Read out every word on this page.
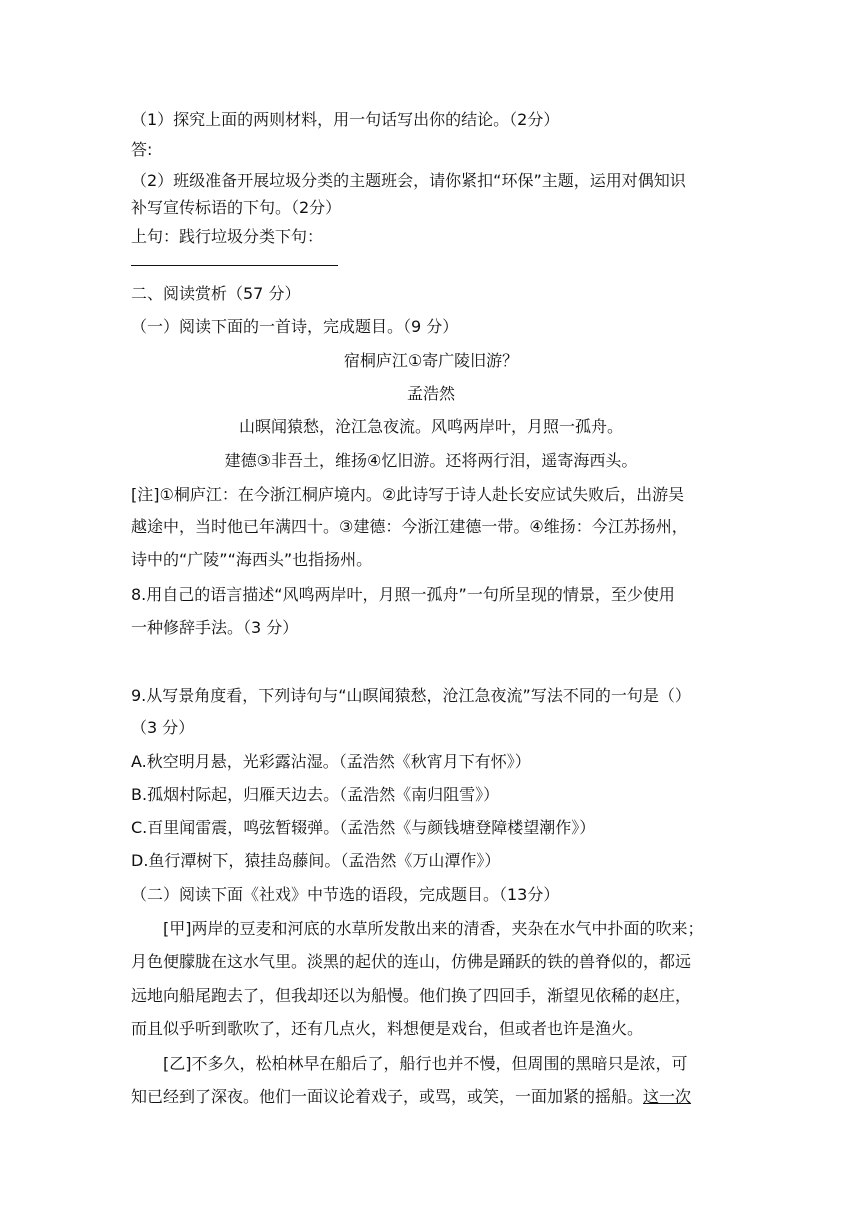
（1）探究上面的两则材料，用一句话写出你的结论。（2分）
答:
（2）班级准备开展垃圾分类的主题班会，请你紧扣“环保”主题，运用对偶知识
补写宣传标语的下句。（2分）
上句：践行垃圾分类下句：
二、阅读赏析（57 分）
（一）阅读下面的一首诗，完成题目。（9 分）
宿桐庐江①寄广陵旧游？
孟浩然
山暝闻猿愁，沧江急夜流。风鸣两岸叶，月照一孤舟。
建德③非吾土，维扬④忆旧游。还将两行泪，遥寄海西头。
[注]①桐庐江：在今浙江桐庐境内。②此诗写于诗人赴长安应试失败后，出游吴
越途中，当时他已年满四十。③建德：今浙江建德一带。④维扬：今江苏扬州，
诗中的“广陵”“海西头”也指扬州。
8.用自己的语言描述“风鸣两岸叶，月照一孤舟”一句所呈现的情景，至少使用
一种修辞手法。（3 分）
9.从写景角度看，下列诗句与“山暝闻猿愁，沧江急夜流”写法不同的一句是（）
（3 分）
A.秋空明月悬，光彩露沾湿。（孟浩然《秋宵月下有怀》）
B.孤烟村际起，归雁天边去。（孟浩然《南归阻雪》）
C.百里闻雷震，鸣弦暂辍弹。（孟浩然《与颜钱塘登障楼望潮作》）
D.鱼行潭树下，猿挂岛藤间。（孟浩然《万山潭作》）
（二）阅读下面《社戏》中节选的语段，完成题目。（13分）
[甲]两岸的豆麦和河底的水草所发散出来的清香，夹杂在水气中扑面的吹来；
月色便朦胧在这水气里。淡黑的起伏的连山，仿佛是踊跃的铁的兽脊似的，都远
远地向船尾跑去了，但我却还以为船慢。他们换了四回手，渐望见依稀的赵庄，
而且似乎听到歌吹了，还有几点火，料想便是戏台，但或者也许是渔火。
[乙]不多久，松柏林早在船后了，船行也并不慢，但周围的黑暗只是浓，可
知已经到了深夜。他们一面议论着戏子，或骂，或笑，一面加紧的摇船。这一次
